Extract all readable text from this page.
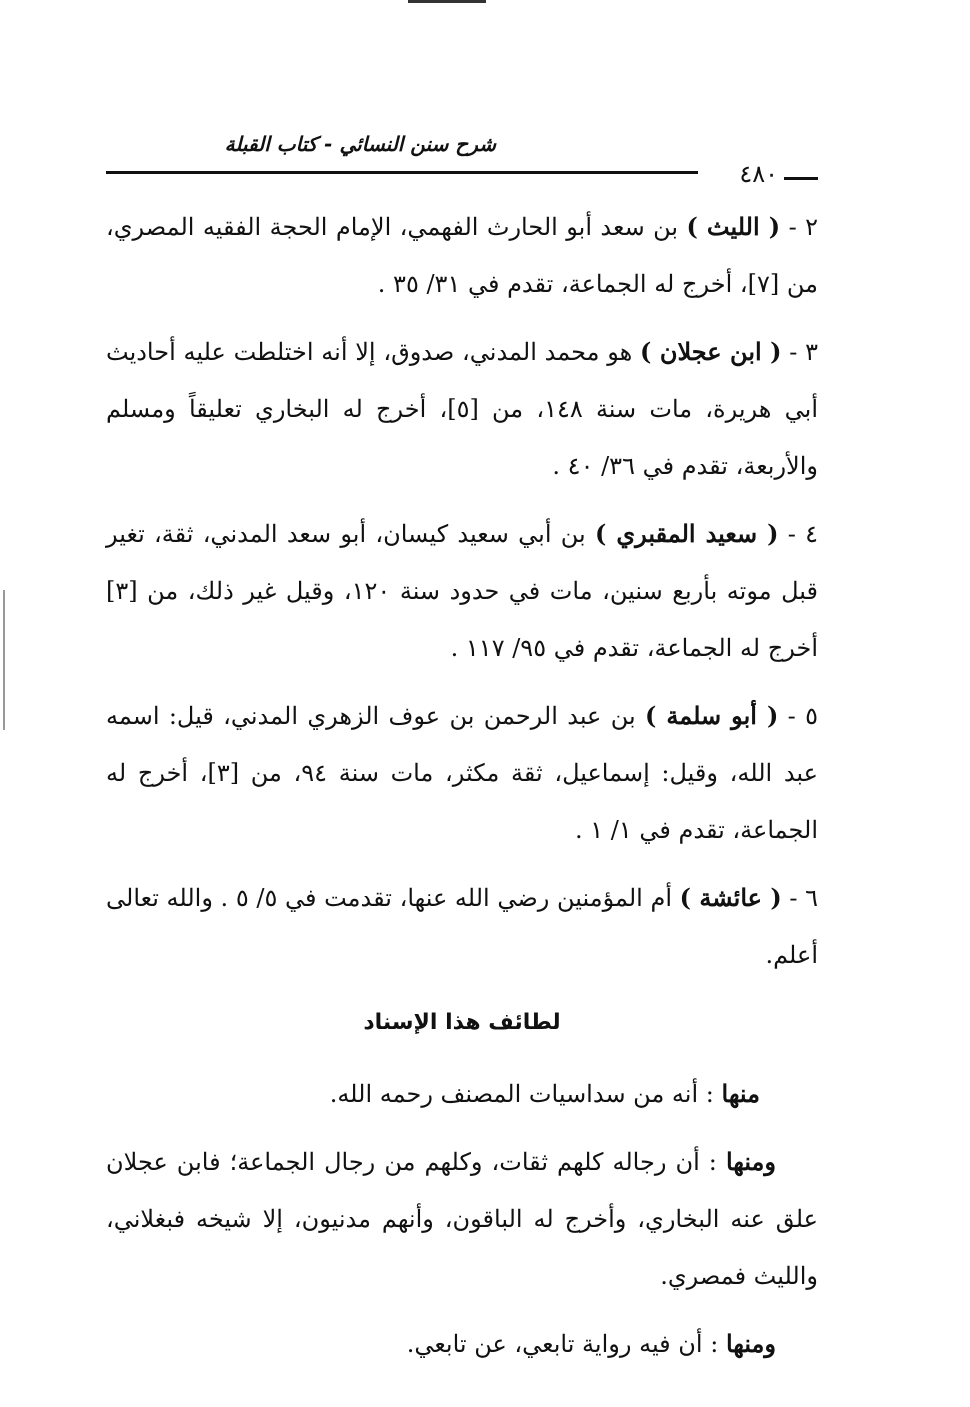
شرح سنن النسائي - كتاب القبلة
٤٨٠

٢ - ( الليث ) بن سعد أبو الحارث الفهمي، الإمام الحجة الفقيه المصري، من [٧]، أخرج له الجماعة، تقدم في ٣١/ ٣٥ .

٣ - ( ابن عجلان ) هو محمد المدني، صدوق، إلا أنه اختلطت عليه أحاديث أبي هريرة، مات سنة ١٤٨، من [٥]، أخرج له البخاري تعليقاً ومسلم والأربعة، تقدم في ٣٦/ ٤٠ .

٤ - ( سعيد المقبري ) بن أبي سعيد كيسان، أبو سعد المدني، ثقة، تغير قبل موته بأربع سنين، مات في حدود سنة ١٢٠، وقيل غير ذلك، من [٣] أخرج له الجماعة، تقدم في ٩٥/ ١١٧ .

٥ - ( أبو سلمة ) بن عبد الرحمن بن عوف الزهري المدني، قيل: اسمه عبد الله، وقيل: إسماعيل، ثقة مكثر، مات سنة ٩٤، من [٣]، أخرج له الجماعة، تقدم في ١/ ١ .

٦ - ( عائشة ) أم المؤمنين رضي الله عنها، تقدمت في ٥/ ٥ . والله تعالى أعلم.

لطائف هذا الإسناد

منها : أنه من سداسيات المصنف رحمه الله.

ومنها : أن رجاله كلهم ثقات، وكلهم من رجال الجماعة؛ فابن عجلان علق عنه البخاري، وأخرج له الباقون، وأنهم مدنيون، إلا شيخه فبغلاني، والليث فمصري.

ومنها : أن فيه رواية تابعي، عن تابعي.
